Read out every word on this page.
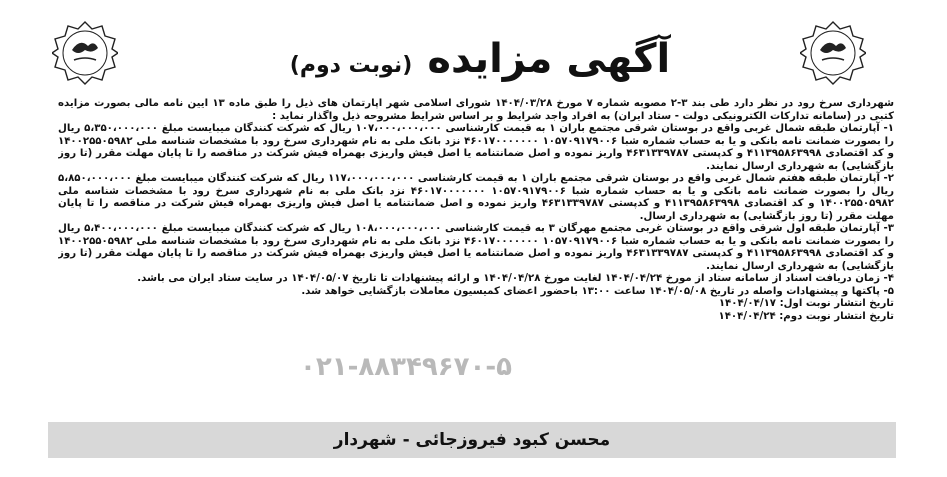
آگهی مزایده (نوبت دوم)

شهرداری سرخ رود در نظر دارد طی بند ۳-۲ مصوبه شماره ۷ مورخ ۱۴۰۴/۰۳/۲۸ شورای اسلامی شهر آپارتمان های ذیل را طبق ماده ۱۳ آیین نامه مالی بصورت مزایده کتبی در (سامانه تدارکات الکترونیکی دولت - ستاد ایران) به افراد واجد شرایط و بر اساس شرایط مشروحه ذیل واگذار نماید :

۱- آپارتمان طبقه شمال غربی واقع در بوستان شرقی مجتمع باران ۱ به قیمت کارشناسی ۱۰۷،۰۰۰،۰۰۰،۰۰۰ ریال که شرکت کنندگان میبایست مبلغ ۵،۳۵۰،۰۰۰،۰۰۰ ریال را بصورت ضمانت نامه بانکی و یا به حساب شماره شبا ۱۰۵۷۰۹۱۷۹۰۰۶ ۴۶۰۱۷۰۰۰۰۰۰۰ نزد بانک ملی به نام شهرداری سرخ رود با مشخصات شناسه ملی ۱۴۰۰۲۵۵۰۵۹۸۲ و کد اقتصادی ۴۱۱۳۹۵۸۶۳۹۹۸ و کدپستی ۴۶۳۱۳۳۹۷۸۷ واریز نموده و اصل ضمانتنامه یا اصل فیش واریزی بهمراه فیش شرکت در مناقصه را تا پایان مهلت مقرر (تا روز بازگشایی) به شهرداری ارسال نمایند.

۲- آپارتمان طبقه هفتم شمال غربی واقع در بوستان شرقی مجتمع باران ۱ به قیمت کارشناسی ۱۱۷،۰۰۰،۰۰۰،۰۰۰ ریال که شرکت کنندگان میبایست مبلغ ۵،۸۵۰،۰۰۰،۰۰۰ ریال را بصورت ضمانت نامه بانکی و یا به حساب شماره شبا ۱۰۵۷۰۹۱۷۹۰۰۶ ۴۶۰۱۷۰۰۰۰۰۰۰ نزد بانک ملی به نام شهرداری سرخ رود با مشخصات شناسه ملی ۱۴۰۰۲۵۵۰۵۹۸۲ و کد اقتصادی ۴۱۱۳۹۵۸۶۳۹۹۸ و کدپستی ۴۶۳۱۳۳۹۷۸۷ واریز نموده و اصل ضمانتنامه یا اصل فیش واریزی بهمراه فیش شرکت در مناقصه را تا پایان مهلت مقرر (تا روز بازگشایی) به شهرداری ارسال.

۳- آپارتمان طبقه اول شرقی واقع در بوستان غربی مجتمع مهرگان ۳ به قیمت کارشناسی ۱۰۸،۰۰۰،۰۰۰،۰۰۰ ریال که شرکت کنندگان میبایست مبلغ ۵،۴۰۰،۰۰۰،۰۰۰ ریال را بصورت ضمانت نامه بانکی و یا به حساب شماره شبا ۱۰۵۷۰۹۱۷۹۰۰۶ ۴۶۰۱۷۰۰۰۰۰۰۰ نزد بانک ملی به نام شهرداری سرخ رود با مشخصات شناسه ملی ۱۴۰۰۲۵۵۰۵۹۸۲ و کد اقتصادی ۴۱۱۳۹۵۸۶۳۹۹۸ و کدپستی ۴۶۳۱۳۳۹۷۸۷ واریز نموده و اصل ضمانتنامه یا اصل فیش واریزی بهمراه فیش شرکت در مناقصه را تا پایان مهلت مقرر (تا روز بازگشایی) به شهرداری ارسال نمایند.

۴- زمان دریافت اسناد از سامانه ستاد از مورخ ۱۴۰۴/۰۴/۲۴ لغایت مورخ ۱۴۰۴/۰۴/۲۸ و ارائه پیشنهادات تا تاریخ ۱۴۰۴/۰۵/۰۷ در سایت ستاد ایران می باشد.

۵- پاکتها و پیشنهادات واصله در تاریخ ۱۴۰۴/۰۵/۰۸ ساعت ۱۳:۰۰ باحضور اعضای کمیسیون معاملات بازگشایی خواهد شد.

تاریخ انتشار نوبت اول: ۱۴۰۴/۰۴/۱۷

تاریخ انتشار نوبت دوم: ۱۴۰۴/۰۴/۲۴

۰۲۱-۸۸۳۴۹۶۷۰-۵
محسن کبود فیروزجائی - شهردار
